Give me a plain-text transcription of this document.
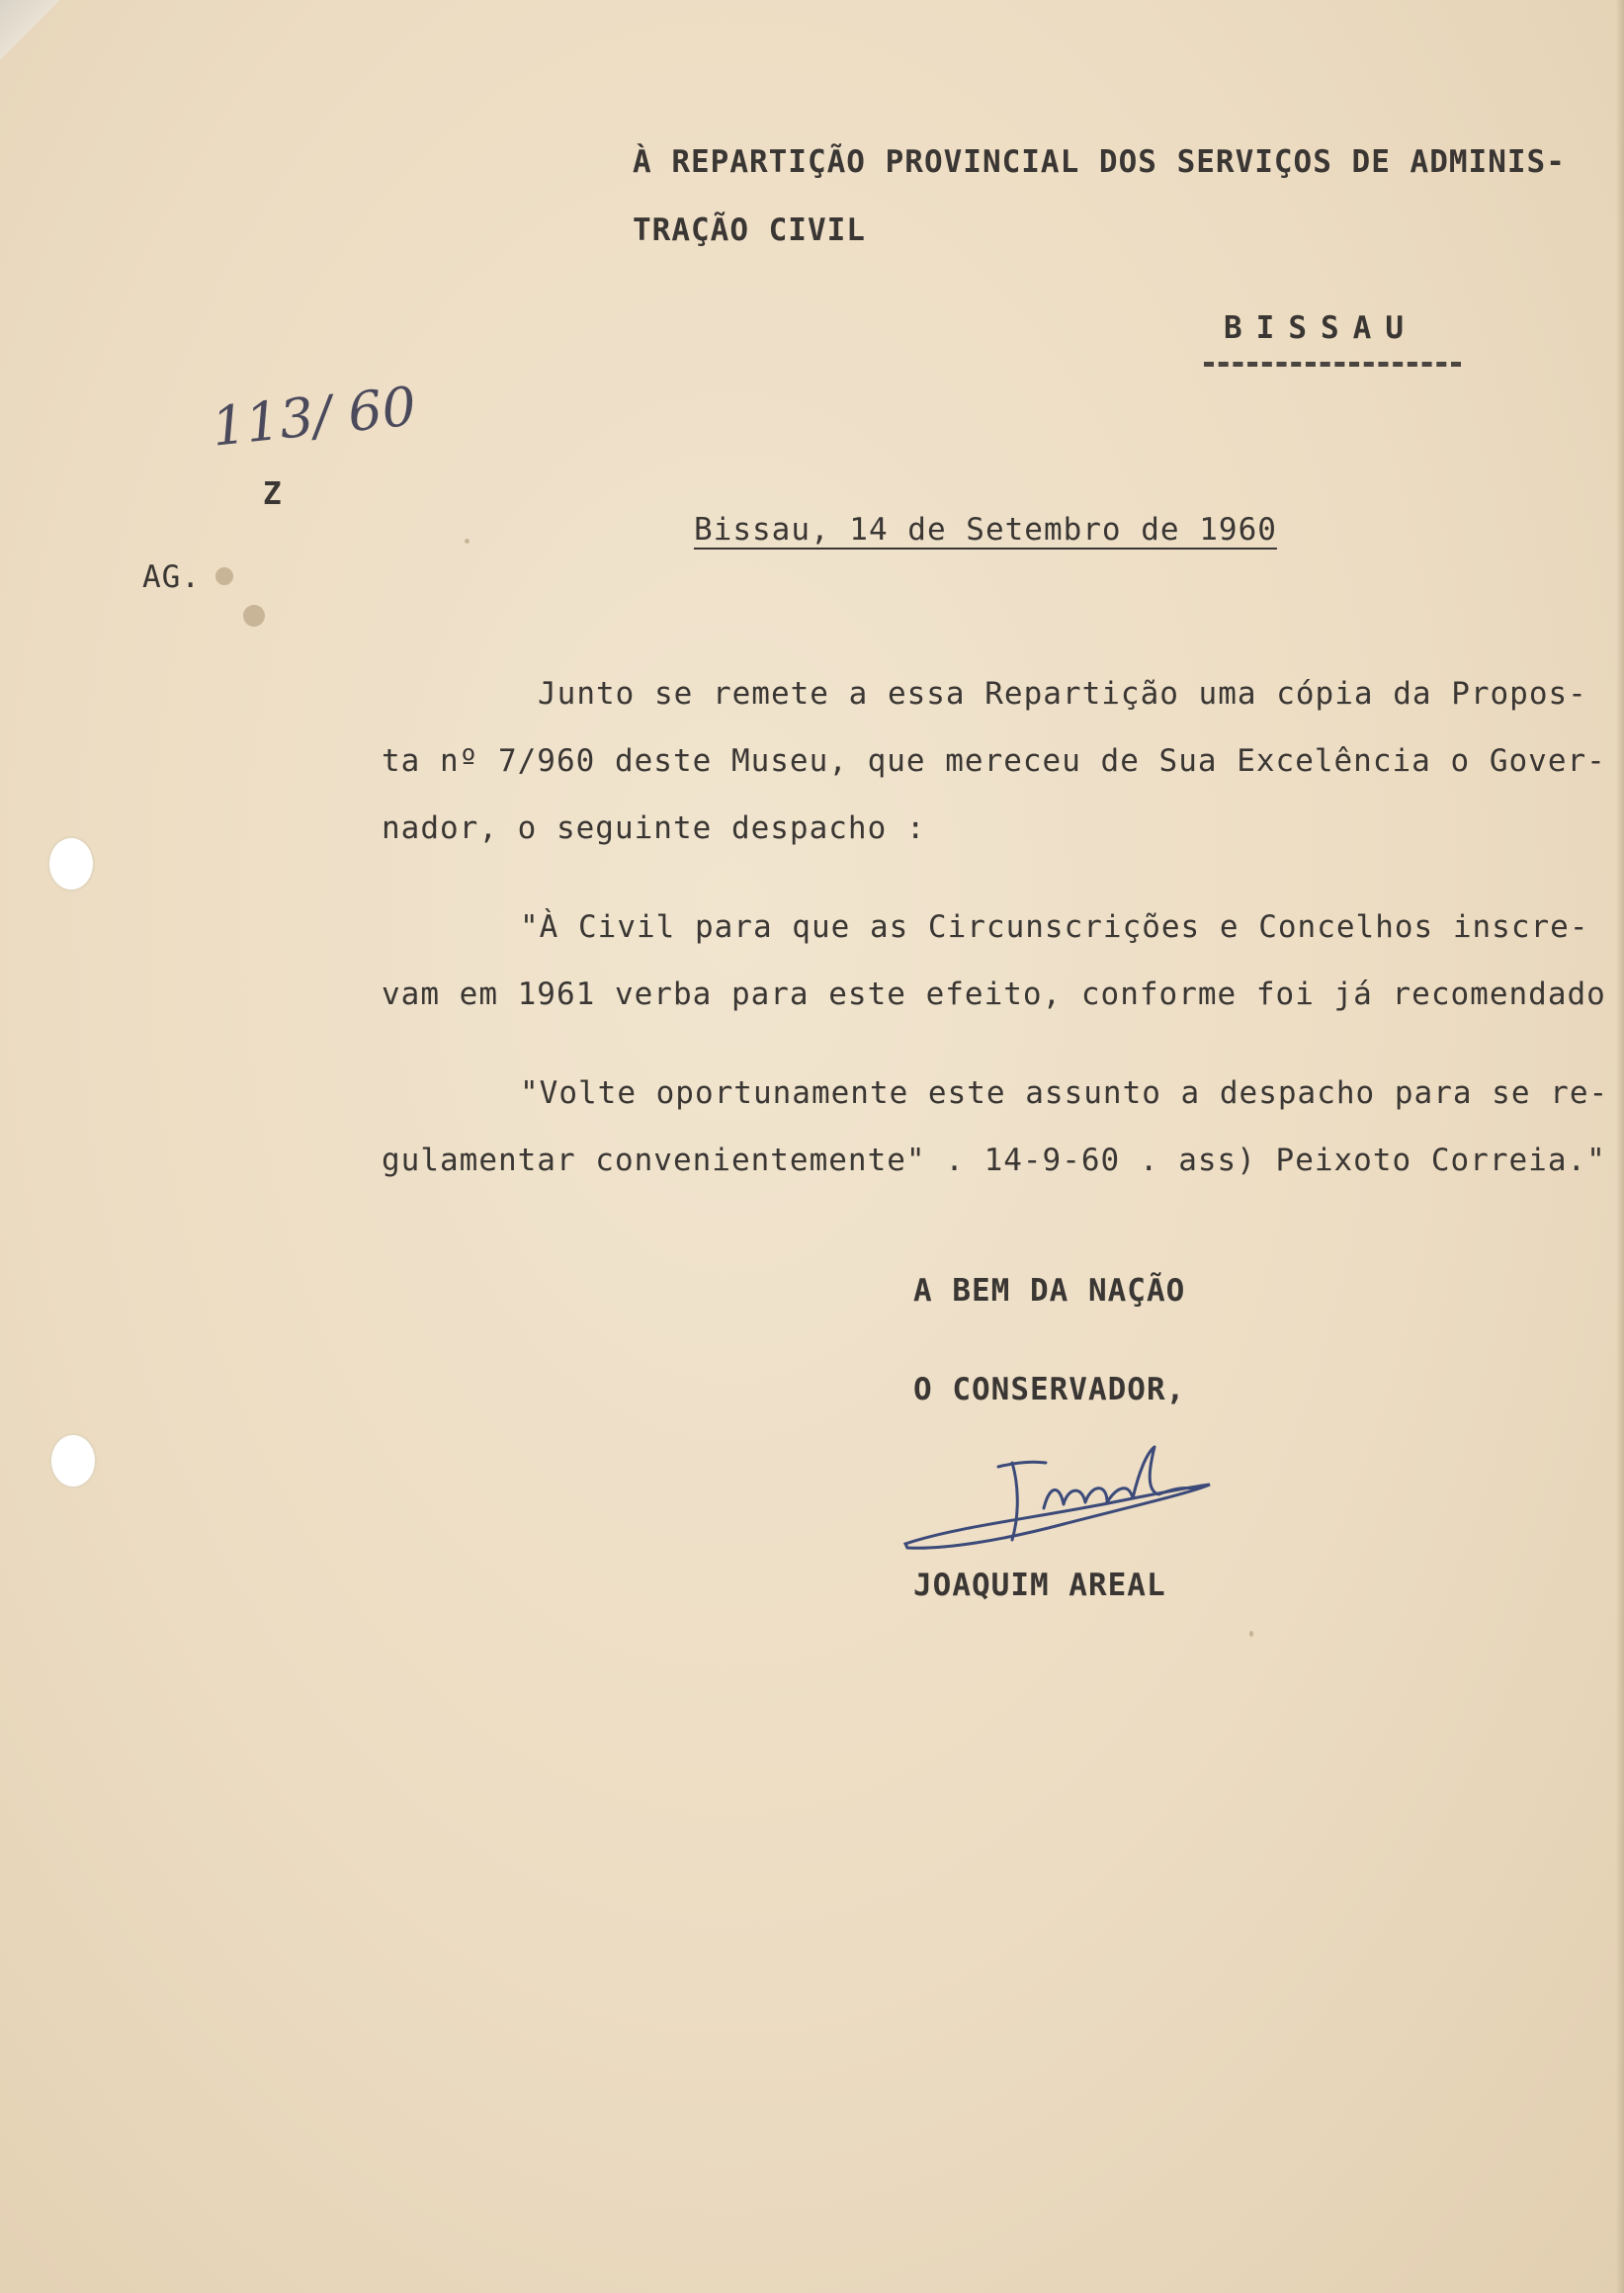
À REPARTIÇÃO PROVINCIAL DOS SERVIÇOS DE ADMINIS-

TRAÇÃO CIVIL

BISSAU

113/ 60

Z

AG.

Bissau, 14 de Setembro de 1960

Junto se remete a essa Repartição uma cópia da Propos-

ta nº 7/960 deste Museu, que mereceu de Sua Excelência o Gover-

nador, o seguinte despacho :

"À Civil para que as Circunscrições e Concelhos inscre-

vam em 1961 verba para este efeito, conforme foi já recomendado

"Volte oportunamente este assunto a despacho para se re-

gulamentar convenientemente" . 14-9-60 . ass) Peixoto Correia."

A BEM DA NAÇÃO

O CONSERVADOR,

JOAQUIM AREAL
